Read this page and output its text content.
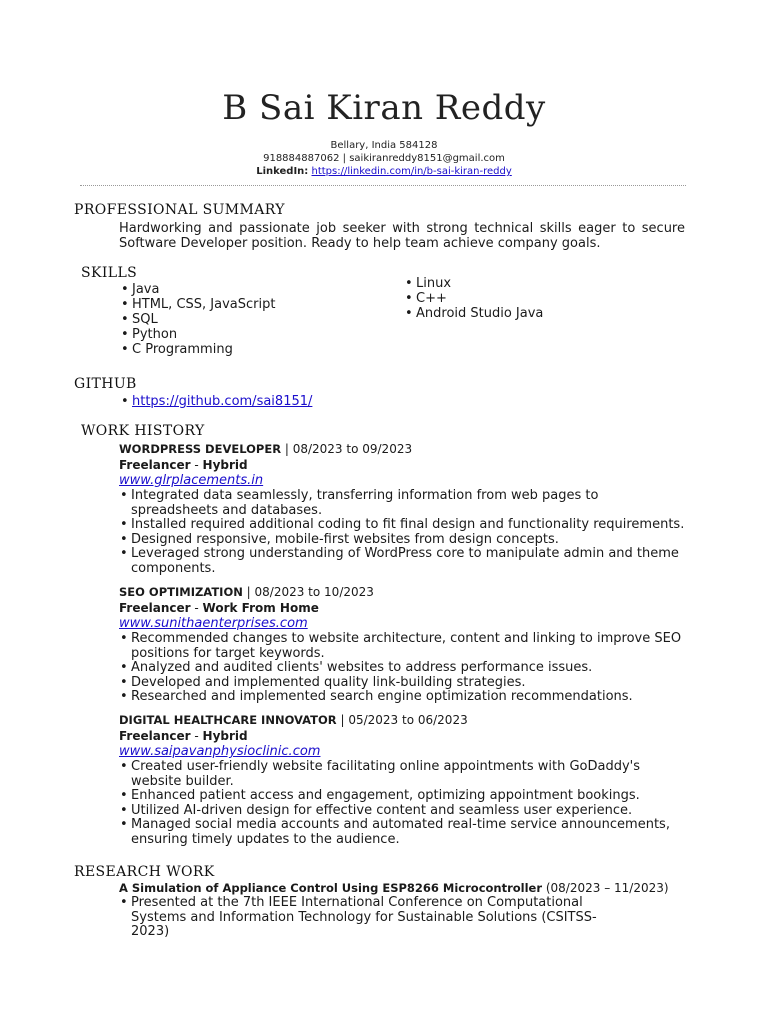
B Sai Kiran Reddy
Bellary, India 584128
918884887062 | saikiranreddy8151@gmail.com
LinkedIn: https://linkedin.com/in/b-sai-kiran-reddy
PROFESSIONAL SUMMARY
Hardworking and passionate job seeker with strong technical skills eager to secure Software Developer position. Ready to help team achieve company goals.
SKILLS
• Java
• HTML, CSS, JavaScript
• SQL
• Python
• C Programming
• Linux
• C++
• Android Studio Java
GITHUB
• https://github.com/sai8151/
WORK HISTORY
WORDPRESS DEVELOPER | 08/2023 to 09/2023
Freelancer - Hybrid
www.glrplacements.in
• Integrated data seamlessly, transferring information from web pages to spreadsheets and databases.
• Installed required additional coding to fit final design and functionality requirements.
• Designed responsive, mobile-first websites from design concepts.
• Leveraged strong understanding of WordPress core to manipulate admin and theme components.
SEO OPTIMIZATION | 08/2023 to 10/2023
Freelancer - Work From Home
www.sunithaenterprises.com
• Recommended changes to website architecture, content and linking to improve SEO positions for target keywords.
• Analyzed and audited clients' websites to address performance issues.
• Developed and implemented quality link-building strategies.
• Researched and implemented search engine optimization recommendations.
DIGITAL HEALTHCARE INNOVATOR | 05/2023 to 06/2023
Freelancer - Hybrid
www.saipavanphysioclinic.com
• Created user-friendly website facilitating online appointments with GoDaddy's website builder.
• Enhanced patient access and engagement, optimizing appointment bookings.
• Utilized AI-driven design for effective content and seamless user experience.
• Managed social media accounts and automated real-time service announcements, ensuring timely updates to the audience.
RESEARCH WORK
A Simulation of Appliance Control Using ESP8266 Microcontroller (08/2023 – 11/2023)
• Presented at the 7th IEEE International Conference on Computational Systems and Information Technology for Sustainable Solutions (CSITSS-2023)
